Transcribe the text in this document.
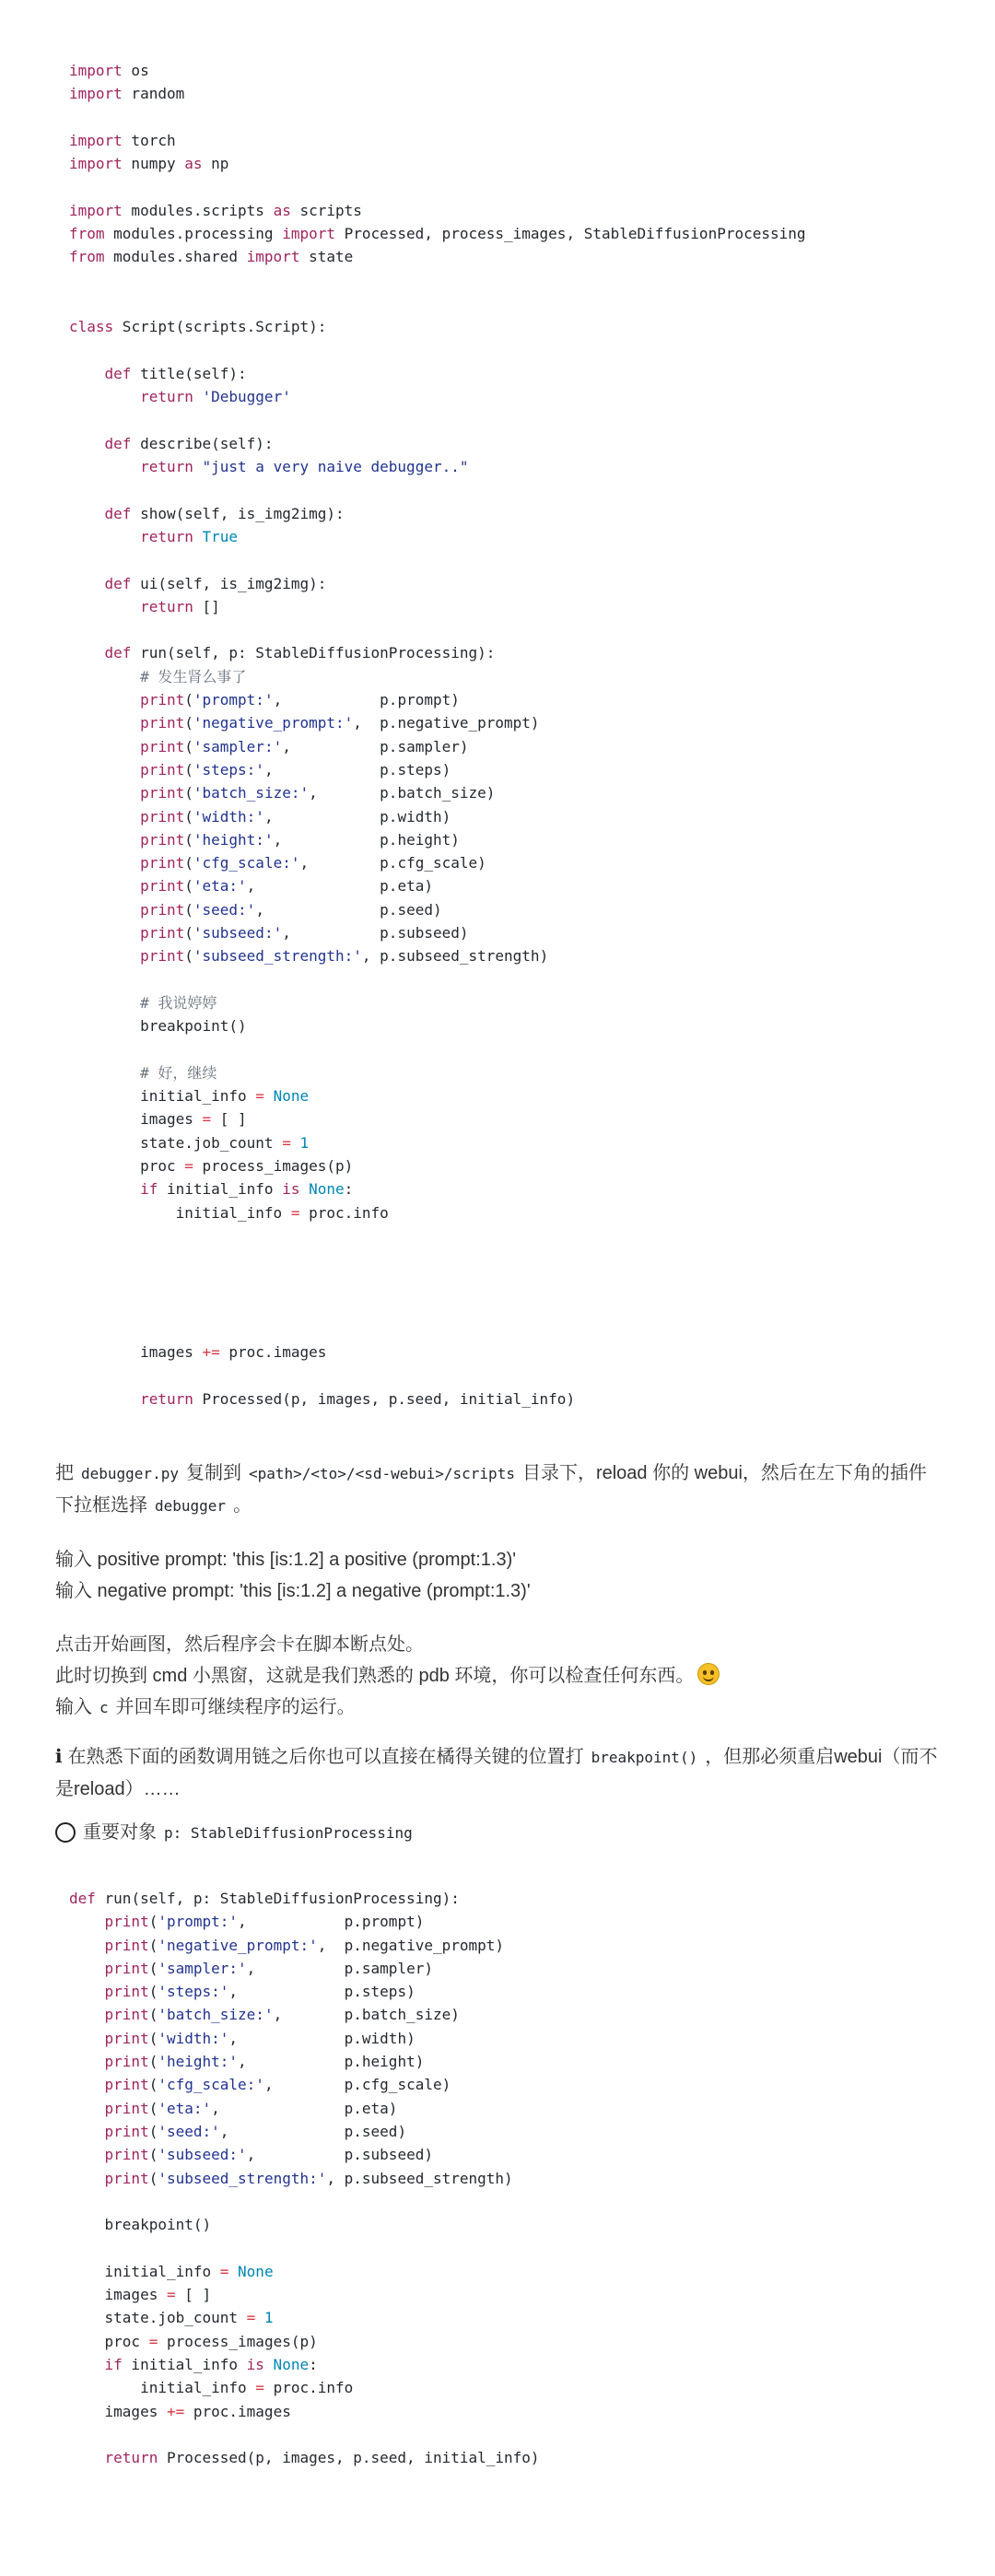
import os
import random
import torch
import numpy as np
import modules.scripts as scripts
from modules.processing import Processed, process_images, StableDiffusionProcessing
from modules.shared import state
class Script(scripts.Script):
def title(self):
return 'Debugger'
def describe(self):
return "just a very naive debugger.."
def show(self, is_img2img):
return True
def ui(self, is_img2img):
return []
def run(self, p: StableDiffusionProcessing):
# 发生肾么事了
print('prompt:',           p.prompt)
print('negative_prompt:',  p.negative_prompt)
print('sampler:',          p.sampler)
print('steps:',            p.steps)
print('batch_size:',       p.batch_size)
print('width:',            p.width)
print('height:',           p.height)
print('cfg_scale:',        p.cfg_scale)
print('eta:',              p.eta)
print('seed:',             p.seed)
print('subseed:',          p.subseed)
print('subseed_strength:', p.subseed_strength)
# 我说婷婷
breakpoint()
# 好，继续
initial_info = None
images = [ ]
state.job_count = 1
proc = process_images(p)
if initial_info is None:
initial_info = proc.info
images += proc.images
return Processed(p, images, p.seed, initial_info)

把 debugger.py 复制到 <path>/<to>/<sd-webui>/scripts 目录下，reload 你的 webui，然后在左下角的插件下拉框选择 debugger 。

输入 positive prompt: 'this [is:1.2] a positive (prompt:1.3)'

输入 negative prompt: 'this [is:1.2] a negative (prompt:1.3)'

点击开始画图，然后程序会卡在脚本断点处。

此时切换到 cmd 小黑窗，这就是我们熟悉的 pdb 环境，你可以检查任何东西。

输入 c 并回车即可继续程序的运行。

ℹ 在熟悉下面的函数调用链之后你也可以直接在橘得关键的位置打 breakpoint() ，但那必须重启webui（而不是reload）……

重要对象 p: StableDiffusionProcessing

def run(self, p: StableDiffusionProcessing):
print('prompt:',           p.prompt)
print('negative_prompt:',  p.negative_prompt)
print('sampler:',          p.sampler)
print('steps:',            p.steps)
print('batch_size:',       p.batch_size)
print('width:',            p.width)
print('height:',           p.height)
print('cfg_scale:',        p.cfg_scale)
print('eta:',              p.eta)
print('seed:',             p.seed)
print('subseed:',          p.subseed)
print('subseed_strength:', p.subseed_strength)
breakpoint()
initial_info = None
images = [ ]
state.job_count = 1
proc = process_images(p)
if initial_info is None:
initial_info = proc.info
images += proc.images
return Processed(p, images, p.seed, initial_info)
